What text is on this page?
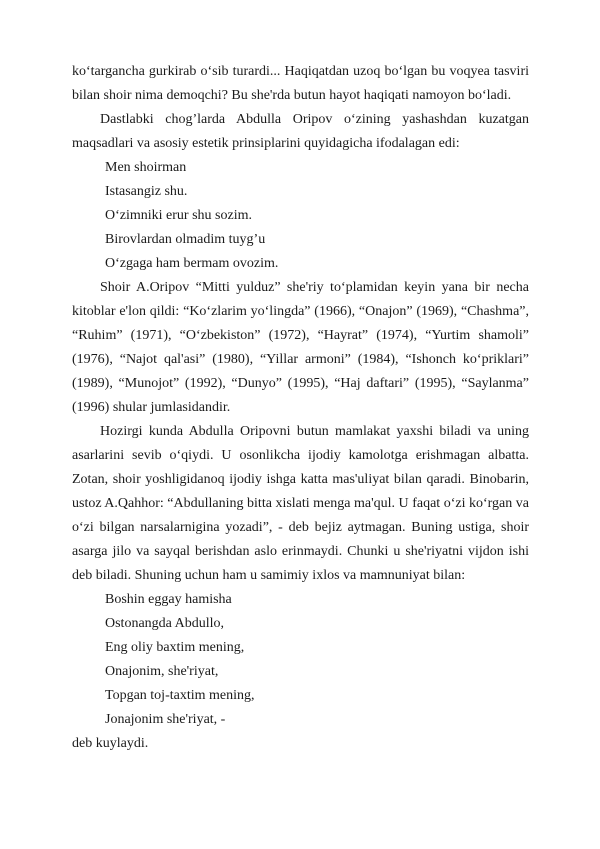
ko‘targancha gurkirab o‘sib turardi... Haqiqatdan uzoq bo‘lgan bu voqyea tasviri bilan shoir nima demoqchi? Bu she'rda butun hayot haqiqati namoyon bo‘ladi.

Dastlabki chog’larda Abdulla Oripov o‘zining yashashdan kuzatgan maqsadlari va asosiy estetik prinsiplarini quyidagicha ifodalagan edi:

Men shoirman
Istasangiz shu.
O‘zimniki erur shu sozim.
Birovlardan olmadim tuyg’u
O‘zgaga ham bermam ovozim.

Shoir A.Oripov “Mitti yulduz” she'riy to‘plamidan keyin yana bir necha kitoblar e'lon qildi: “Ko‘zlarim yo‘lingda” (1966), “Onajon” (1969), “Chashma”, “Ruhim” (1971), “O‘zbekiston” (1972), “Hayrat” (1974), “Yurtim shamoli” (1976), “Najot qal'asi” (1980), “Yillar armoni” (1984), “Ishonch ko‘priklari” (1989), “Munojot” (1992), “Dunyo” (1995), “Haj daftari” (1995), “Saylanma” (1996) shular jumlasidandir.

Hozirgi kunda Abdulla Oripovni butun mamlakat yaxshi biladi va uning asarlarini sevib o‘qiydi. U osonlikcha ijodiy kamolotga erishmagan albatta. Zotan, shoir yoshligidanoq ijodiy ishga katta mas'uliyat bilan qaradi. Binobarin, ustoz A.Qahhor: “Abdullaning bitta xislati menga ma'qul. U faqat o‘zi ko‘rgan va o‘zi bilgan narsalarnigina yozadi”, - deb bejiz aytmagan. Buning ustiga, shoir asarga jilo va sayqal berishdan aslo erinmaydi. Chunki u she'riyatni vijdon ishi deb biladi. Shuning uchun ham u samimiy ixlos va mamnuniyat bilan:

Boshin eggay hamisha
Ostonangda Abdullo,
Eng oliy baxtim mening,
Onajonim, she'riyat,
Topgan toj-taxtim mening,
Jonajonim she'riyat, -

deb kuylaydi.
